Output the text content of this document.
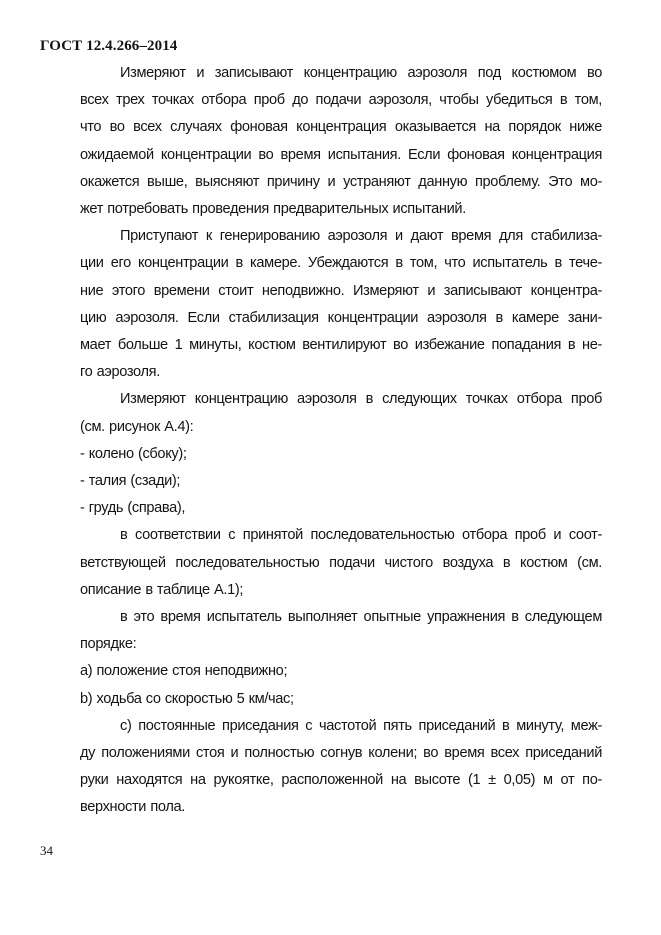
ГОСТ 12.4.266–2014
Измеряют и записывают концентрацию аэрозоля под костюмом во
всех трех точках отбора проб до подачи аэрозоля, чтобы убедиться в том,
что во всех случаях фоновая концентрация оказывается на порядок ниже
ожидаемой концентрации во время испытания. Если фоновая концентрация
окажется выше, выясняют причину и устраняют данную проблему. Это мо-
жет потребовать проведения предварительных испытаний.
Приступают к генерированию аэрозоля и дают время для стабилиза-
ции его концентрации в камере. Убеждаются в том, что испытатель в тече-
ние этого времени стоит неподвижно. Измеряют и записывают концентра-
цию аэрозоля. Если стабилизация концентрации аэрозоля в камере зани-
мает больше 1 минуты, костюм вентилируют во избежание попадания в не-
го аэрозоля.
Измеряют концентрацию аэрозоля в следующих точках отбора проб
(см. рисунок А.4):
- колено (сбоку);
- талия (сзади);
- грудь (справа),
в соответствии с принятой последовательностью отбора проб и соот-
ветствующей последовательностью подачи чистого воздуха в костюм (см.
описание в таблице А.1);
в это время испытатель выполняет опытные упражнения в следующем
порядке:
a) положение стоя неподвижно;
b) ходьба со скоростью 5 км/час;
c) постоянные приседания с частотой пять приседаний в минуту, меж-
ду положениями стоя и полностью согнув колени; во время всех приседаний
руки находятся на рукоятке, расположенной на высоте (1 ± 0,05) м от по-
верхности пола.
34
